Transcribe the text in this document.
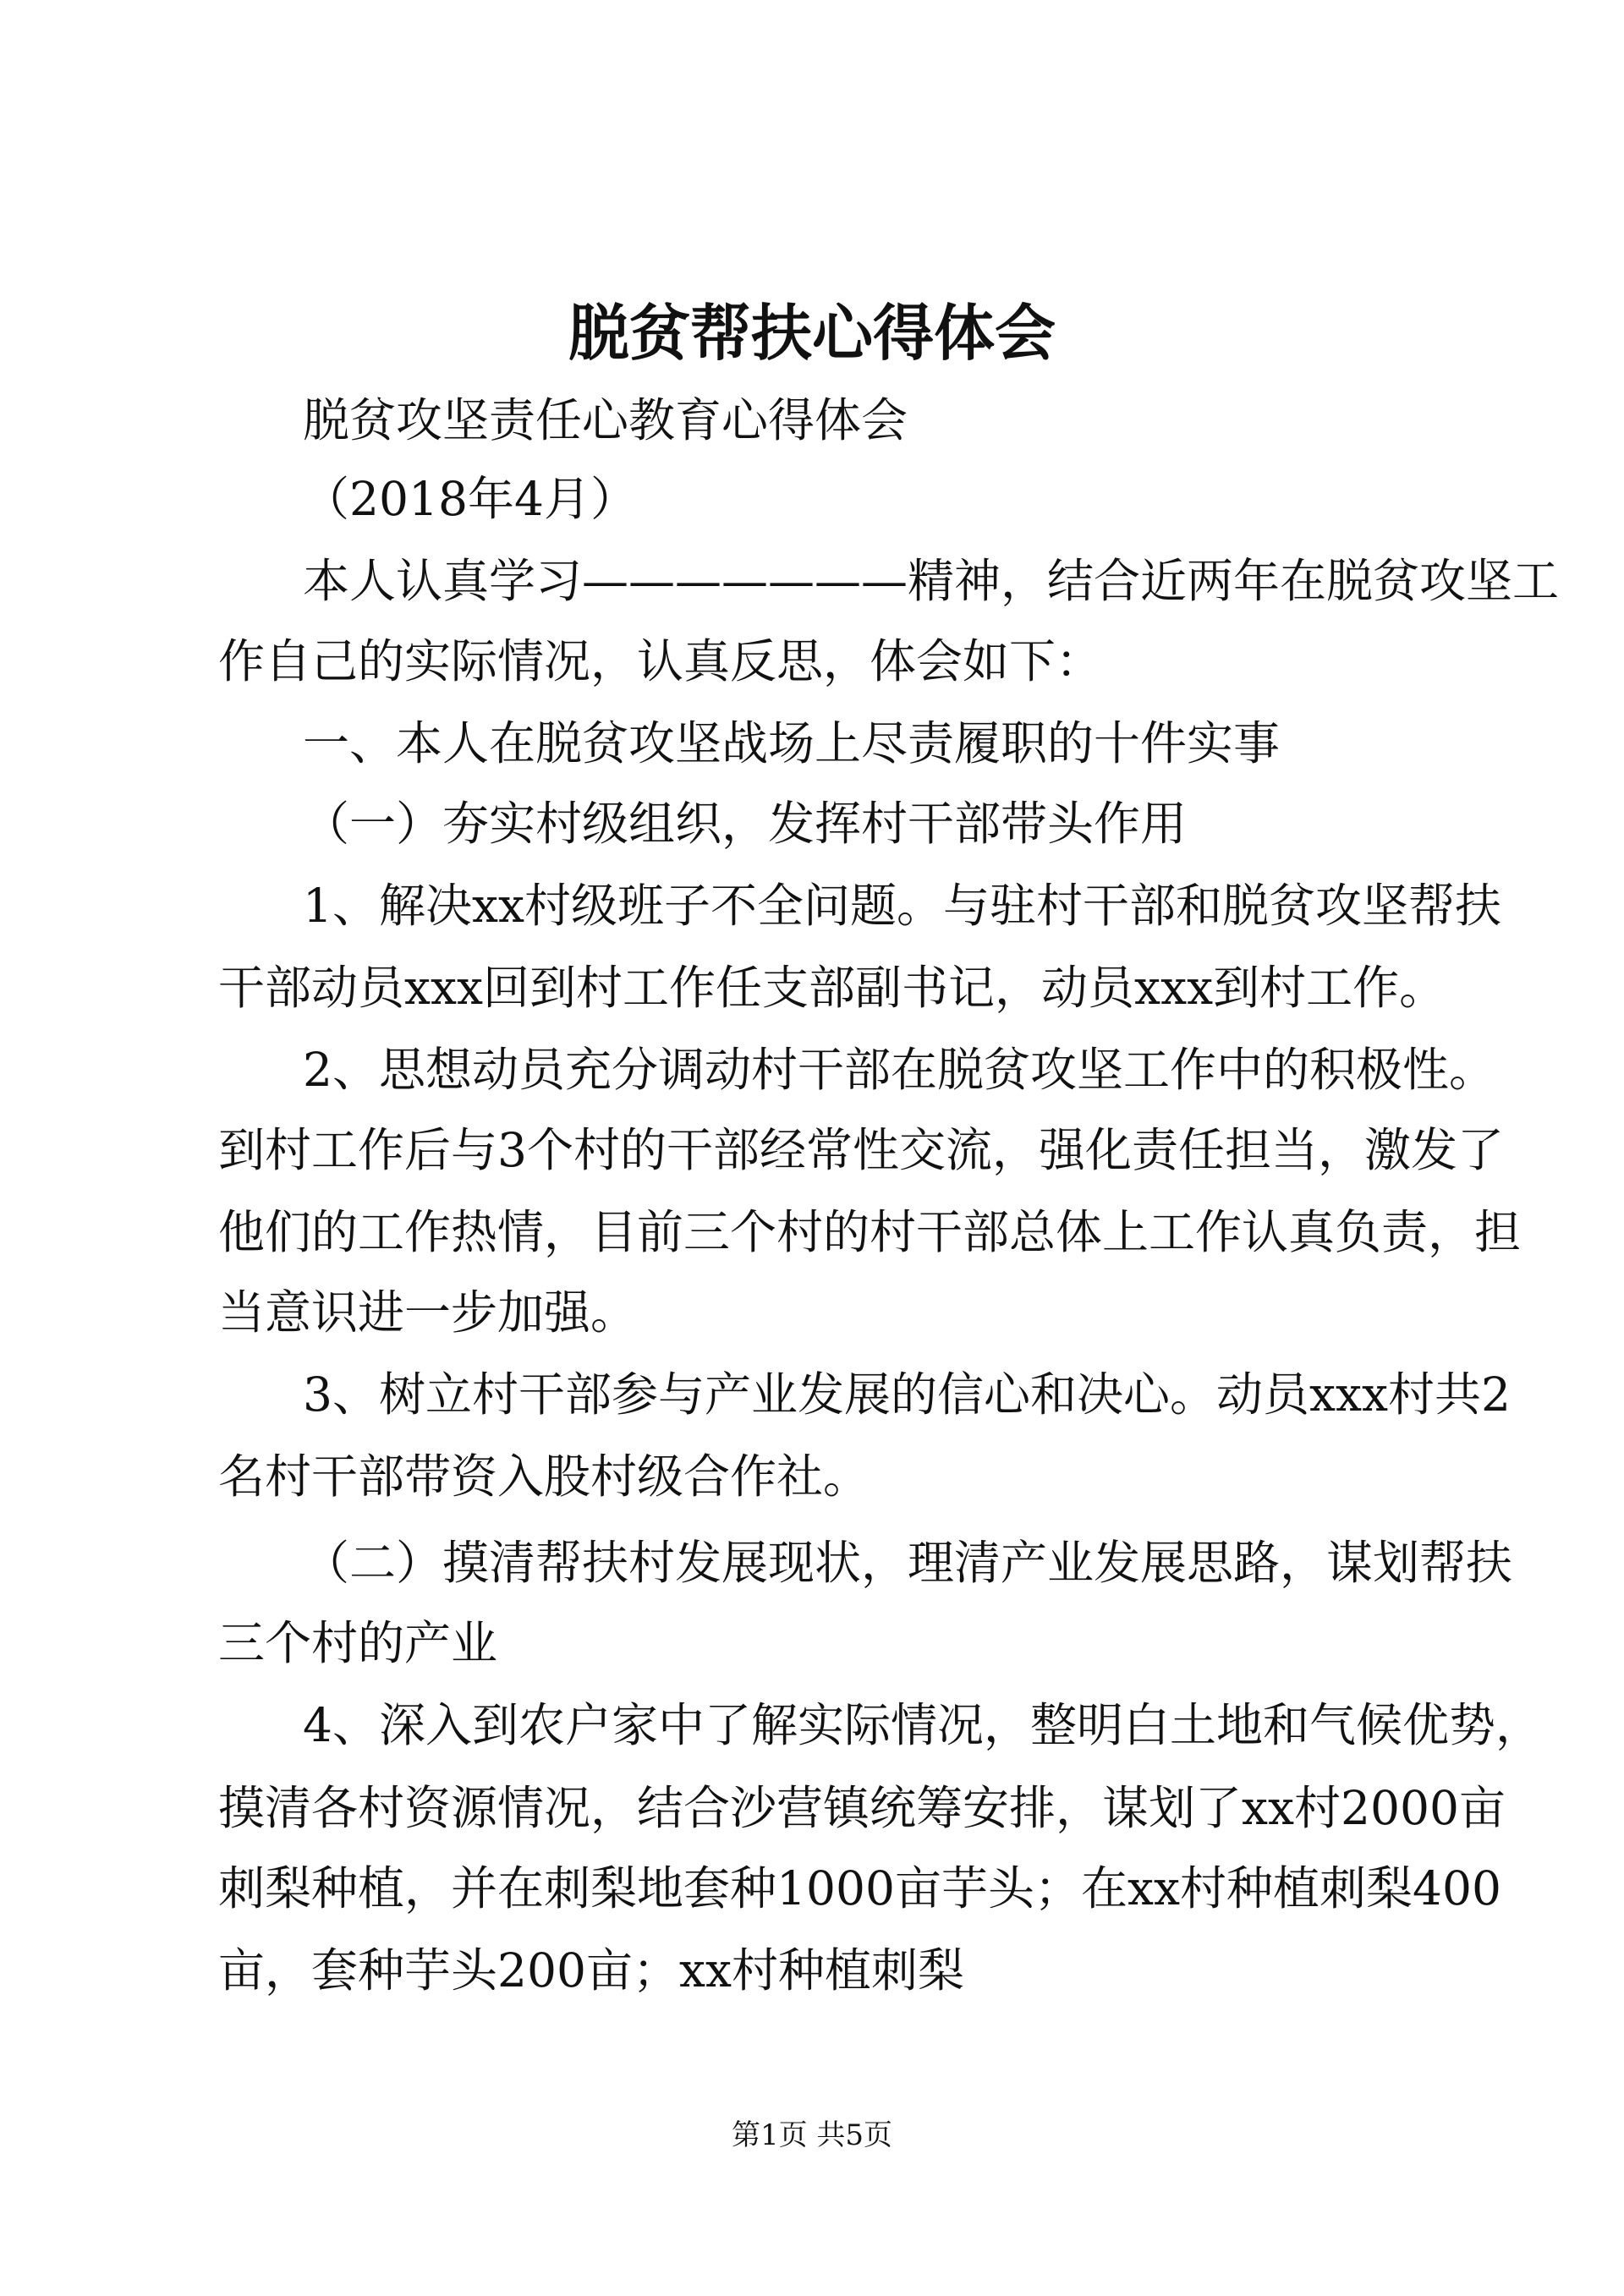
脱贫帮扶心得体会
脱贫攻坚责任心教育心得体会
（2018年4月）
本人认真学习———————精神，结合近两年在脱贫攻坚工
作自己的实际情况，认真反思，体会如下：
一、本人在脱贫攻坚战场上尽责履职的十件实事
（一）夯实村级组织，发挥村干部带头作用
1、解决xx村级班子不全问题。与驻村干部和脱贫攻坚帮扶
干部动员xxx回到村工作任支部副书记，动员xxx到村工作。
2、思想动员充分调动村干部在脱贫攻坚工作中的积极性。
到村工作后与3个村的干部经常性交流，强化责任担当，激发了
他们的工作热情，目前三个村的村干部总体上工作认真负责，担
当意识进一步加强。
3、树立村干部参与产业发展的信心和决心。动员xxx村共2
名村干部带资入股村级合作社。
（二）摸清帮扶村发展现状，理清产业发展思路，谋划帮扶
三个村的产业
4、深入到农户家中了解实际情况，整明白土地和气候优势，
摸清各村资源情况，结合沙营镇统筹安排，谋划了xx村2000亩
刺梨种植，并在刺梨地套种1000亩芋头；在xx村种植刺梨400
亩，套种芋头200亩；xx村种植刺梨
第1页 共5页
